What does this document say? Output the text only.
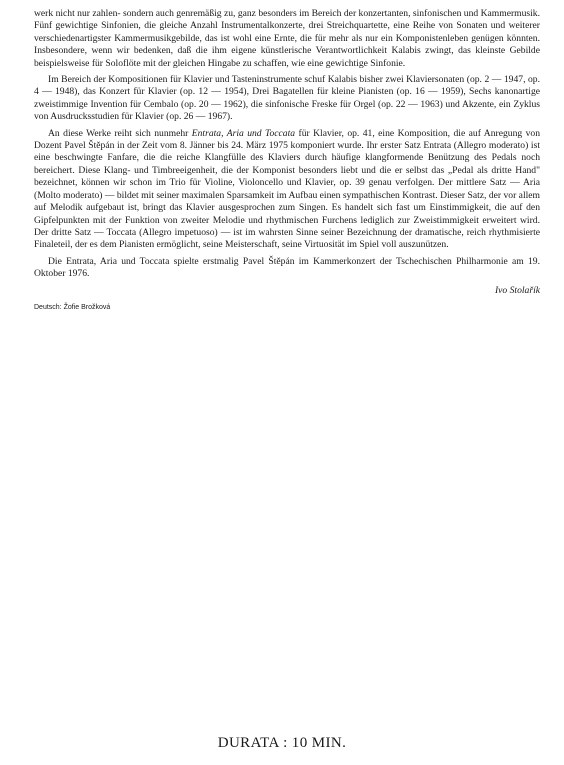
werk nicht nur zahlen- sondern auch genremäßig zu, ganz besonders im Bereich der konzertanten, sinfonischen und Kammermusik. Fünf gewichtige Sinfonien, die gleiche Anzahl Instrumentalkonzerte, drei Streichquartette, eine Reihe von Sonaten und weiterer verschiedenartigster Kammermusikgebilde, das ist wohl eine Ernte, die für mehr als nur ein Komponistenleben genügen könnten. Insbesondere, wenn wir bedenken, daß die ihm eigene künstlerische Verantwortlichkeit Kalabis zwingt, das kleinste Gebilde beispielsweise für Soloflöte mit der gleichen Hingabe zu schaffen, wie eine gewichtige Sinfonie.

Im Bereich der Kompositionen für Klavier und Tasteninstrumente schuf Kalabis bisher zwei Klaviersonaten (op. 2 — 1947, op. 4 — 1948), das Konzert für Klavier (op. 12 — 1954), Drei Bagatellen für kleine Pianisten (op. 16 — 1959), Sechs kanonartige zweistimmige Invention für Cembalo (op. 20 — 1962), die sinfonische Freske für Orgel (op. 22 — 1963) und Akzente, ein Zyklus von Ausdrucksstudien für Klavier (op. 26 — 1967).

An diese Werke reiht sich nunmehr Entrata, Aria und Toccata für Klavier, op. 41, eine Komposition, die auf Anregung von Dozent Pavel Štěpán in der Zeit vom 8. Jänner bis 24. März 1975 komponiert wurde. Ihr erster Satz Entrata (Allegro moderato) ist eine beschwingte Fanfare, die die reiche Klangfülle des Klaviers durch häufige klangformende Benützung des Pedals noch bereichert. Diese Klang- und Timbreeigenheit, die der Komponist besonders liebt und die er selbst das „Pedal als dritte Hand" bezeichnet, können wir schon im Trio für Violine, Violoncello und Klavier, op. 39 genau verfolgen. Der mittlere Satz — Aria (Molto moderato) — bildet mit seiner maximalen Sparsamkeit im Aufbau einen sympathischen Kontrast. Dieser Satz, der vor allem auf Melodik aufgebaut ist, bringt das Klavier ausgesprochen zum Singen. Es handelt sich fast um Einstimmigkeit, die auf den Gipfelpunkten mit der Funktion von zweiter Melodie und rhythmischen Furchens lediglich zur Zweistimmigkeit erweitert wird. Der dritte Satz — Toccata (Allegro impetuoso) — ist im wahrsten Sinne seiner Bezeichnung der dramatische, reich rhythmisierte Finaleteil, der es dem Pianisten ermöglicht, seine Meisterschaft, seine Virtuosität im Spiel voll auszunützen.

Die Entrata, Aria und Toccata spielte erstmalig Pavel Štěpán im Kammerkonzert der Tschechischen Philharmonie am 19. Oktober 1976.

Ivo Stolařík

Deutsch: Žofie Brožková

DURATA : 10 MIN.
